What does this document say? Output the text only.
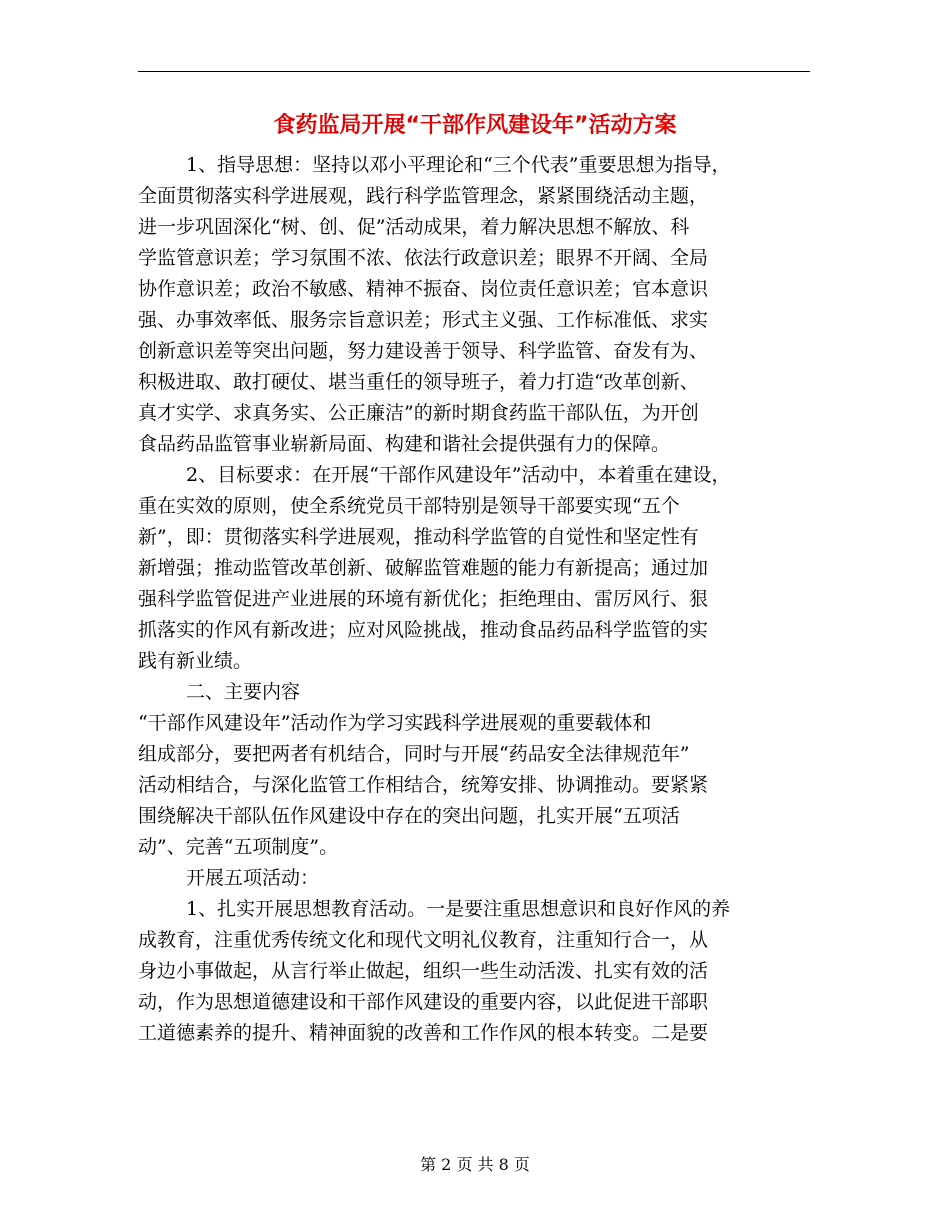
食药监局开展“干部作风建设年”活动方案

1、指导思想：坚持以邓小平理论和“三个代表”重要思想为指导，
全面贯彻落实科学进展观，践行科学监管理念，紧紧围绕活动主题，
进一步巩固深化“树、创、促”活动成果，着力解决思想不解放、科
学监管意识差；学习氛围不浓、依法行政意识差；眼界不开阔、全局
协作意识差；政治不敏感、精神不振奋、岗位责任意识差；官本意识
强、办事效率低、服务宗旨意识差；形式主义强、工作标准低、求实
创新意识差等突出问题，努力建设善于领导、科学监管、奋发有为、
积极进取、敢打硬仗、堪当重任的领导班子，着力打造“改革创新、
真才实学、求真务实、公正廉洁”的新时期食药监干部队伍，为开创
食品药品监管事业崭新局面、构建和谐社会提供强有力的保障。

2、目标要求：在开展“干部作风建设年”活动中，本着重在建设，
重在实效的原则，使全系统党员干部特别是领导干部要实现“五个
新”，即：贯彻落实科学进展观，推动科学监管的自觉性和坚定性有
新增强；推动监管改革创新、破解监管难题的能力有新提高；通过加
强科学监管促进产业进展的环境有新优化；拒绝理由、雷厉风行、狠
抓落实的作风有新改进；应对风险挑战，推动食品药品科学监管的实
践有新业绩。

二、主要内容

“干部作风建设年”活动作为学习实践科学进展观的重要载体和
组成部分，要把两者有机结合，同时与开展“药品安全法律规范年”
活动相结合，与深化监管工作相结合，统筹安排、协调推动。要紧紧
围绕解决干部队伍作风建设中存在的突出问题，扎实开展“五项活
动”、完善“五项制度”。

开展五项活动：

1、扎实开展思想教育活动。一是要注重思想意识和良好作风的养
成教育，注重优秀传统文化和现代文明礼仪教育，注重知行合一，从
身边小事做起，从言行举止做起，组织一些生动活泼、扎实有效的活
动，作为思想道德建设和干部作风建设的重要内容，以此促进干部职
工道德素养的提升、精神面貌的改善和工作作风的根本转变。二是要

第 2 页 共 8 页
